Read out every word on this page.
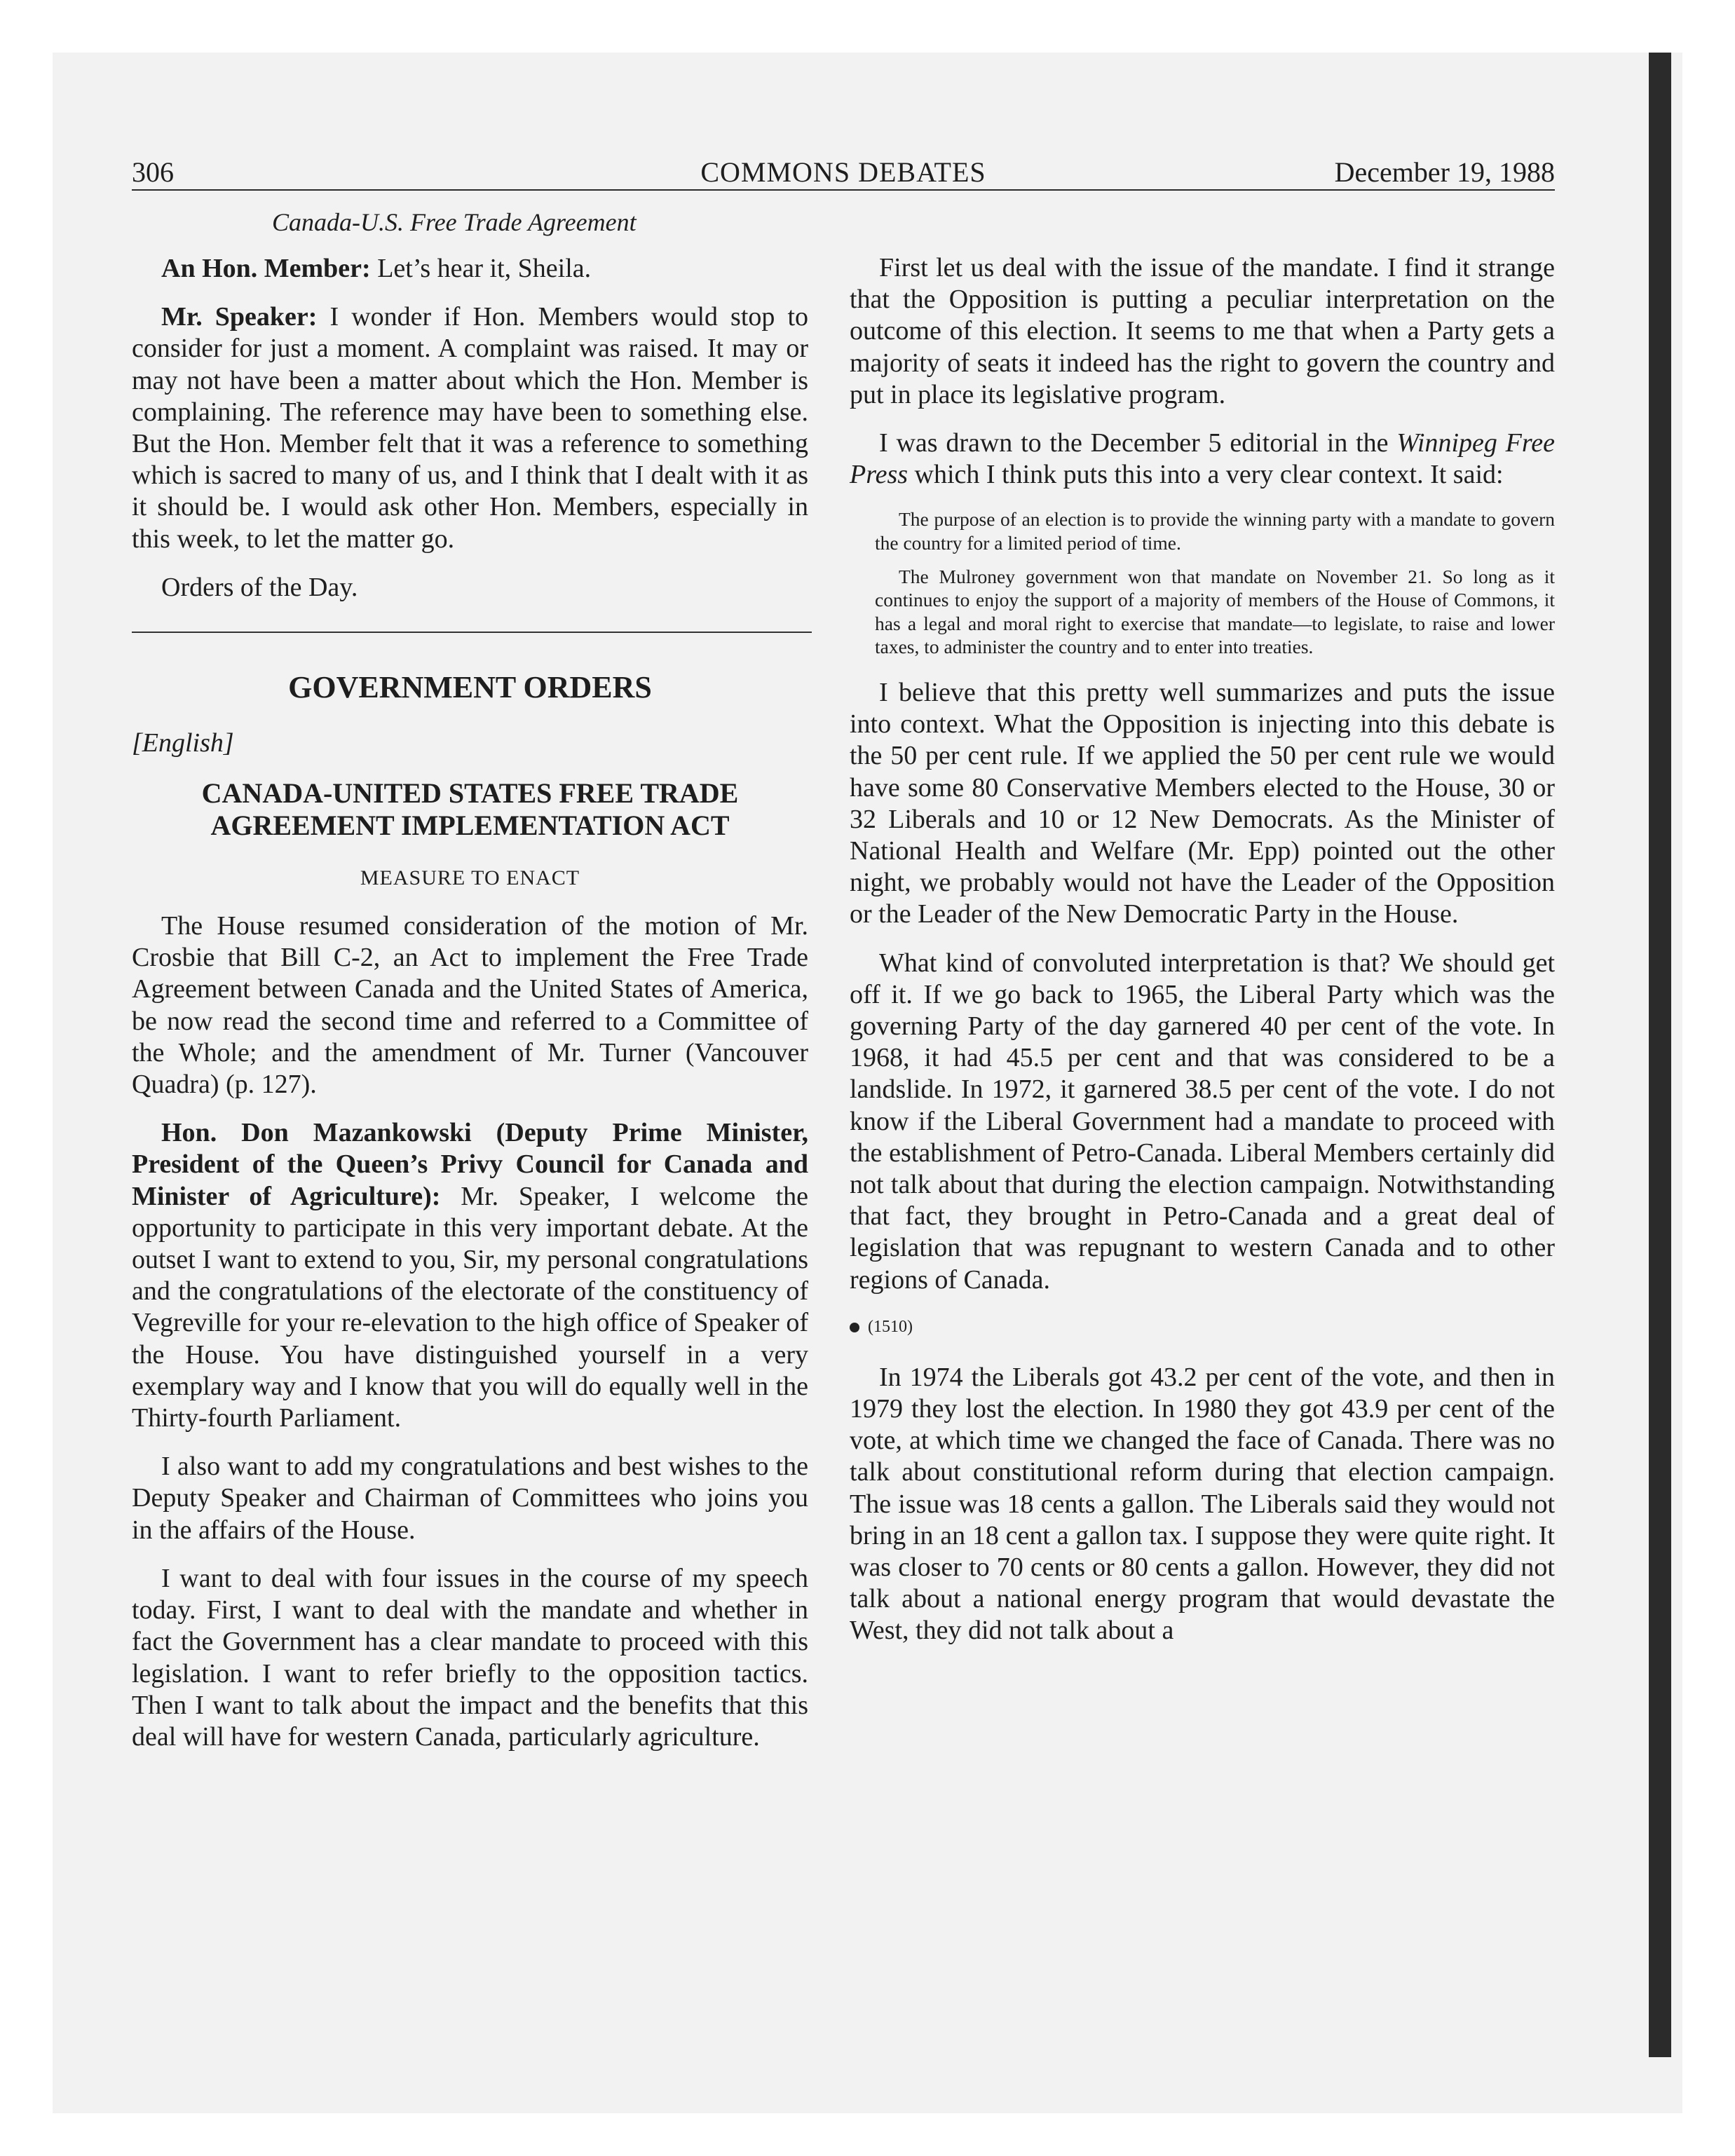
306	COMMONS DEBATES	December 19, 1988

Canada-U.S. Free Trade Agreement

An Hon. Member: Let’s hear it, Sheila.

Mr. Speaker: I wonder if Hon. Members would stop to consider for just a moment. A complaint was raised. It may or may not have been a matter about which the Hon. Member is complaining. The reference may have been to something else. But the Hon. Member felt that it was a reference to something which is sacred to many of us, and I think that I dealt with it as it should be. I would ask other Hon. Members, especially in this week, to let the matter go.

Orders of the Day.

GOVERNMENT ORDERS
[English]
CANADA-UNITED STATES FREE TRADE
AGREEMENT IMPLEMENTATION ACT
MEASURE TO ENACT

The House resumed consideration of the motion of Mr. Crosbie that Bill C-2, an Act to implement the Free Trade Agreement between Canada and the United States of America, be now read the second time and referred to a Committee of the Whole; and the amendment of Mr. Turner (Vancouver Quadra) (p. 127).

Hon. Don Mazankowski (Deputy Prime Minister, President of the Queen’s Privy Council for Canada and Minister of Agriculture): Mr. Speaker, I welcome the opportunity to participate in this very important debate. At the outset I want to extend to you, Sir, my personal congratulations and the congratulations of the electorate of the constituency of Vegreville for your re-elevation to the high office of Speaker of the House. You have distinguished yourself in a very exemplary way and I know that you will do equally well in the Thirty-fourth Parliament.

I also want to add my congratulations and best wishes to the Deputy Speaker and Chairman of Committees who joins you in the affairs of the House.

I want to deal with four issues in the course of my speech today. First, I want to deal with the mandate and whether in fact the Government has a clear mandate to proceed with this legislation. I want to refer briefly to the opposition tactics. Then I want to talk about the impact and the benefits that this deal will have for western Canada, particularly agriculture.

First let us deal with the issue of the mandate. I find it strange that the Opposition is putting a peculiar interpretation on the outcome of this election. It seems to me that when a Party gets a majority of seats it indeed has the right to govern the country and put in place its legislative program.

I was drawn to the December 5 editorial in the Winnipeg Free Press which I think puts this into a very clear context. It said:

The purpose of an election is to provide the winning party with a mandate to govern the country for a limited period of time.

The Mulroney government won that mandate on November 21. So long as it continues to enjoy the support of a majority of members of the House of Commons, it has a legal and moral right to exercise that mandate—to legislate, to raise and lower taxes, to administer the country and to enter into treaties.

I believe that this pretty well summarizes and puts the issue into context. What the Opposition is injecting into this debate is the 50 per cent rule. If we applied the 50 per cent rule we would have some 80 Conservative Members elected to the House, 30 or 32 Liberals and 10 or 12 New Democrats. As the Minister of National Health and Welfare (Mr. Epp) pointed out the other night, we probably would not have the Leader of the Opposition or the Leader of the New Democratic Party in the House.

What kind of convoluted interpretation is that? We should get off it. If we go back to 1965, the Liberal Party which was the governing Party of the day garnered 40 per cent of the vote. In 1968, it had 45.5 per cent and that was considered to be a landslide. In 1972, it garnered 38.5 per cent of the vote. I do not know if the Liberal Government had a mandate to proceed with the establishment of Petro-Canada. Liberal Members certainly did not talk about that during the election campaign. Notwithstanding that fact, they brought in Petro-Canada and a great deal of legislation that was repugnant to western Canada and to other regions of Canada.

(1510)

In 1974 the Liberals got 43.2 per cent of the vote, and then in 1979 they lost the election. In 1980 they got 43.9 per cent of the vote, at which time we changed the face of Canada. There was no talk about constitutional reform during that election campaign. The issue was 18 cents a gallon. The Liberals said they would not bring in an 18 cent a gallon tax. I suppose they were quite right. It was closer to 70 cents or 80 cents a gallon. However, they did not talk about a national energy program that would devastate the West, they did not talk about a
